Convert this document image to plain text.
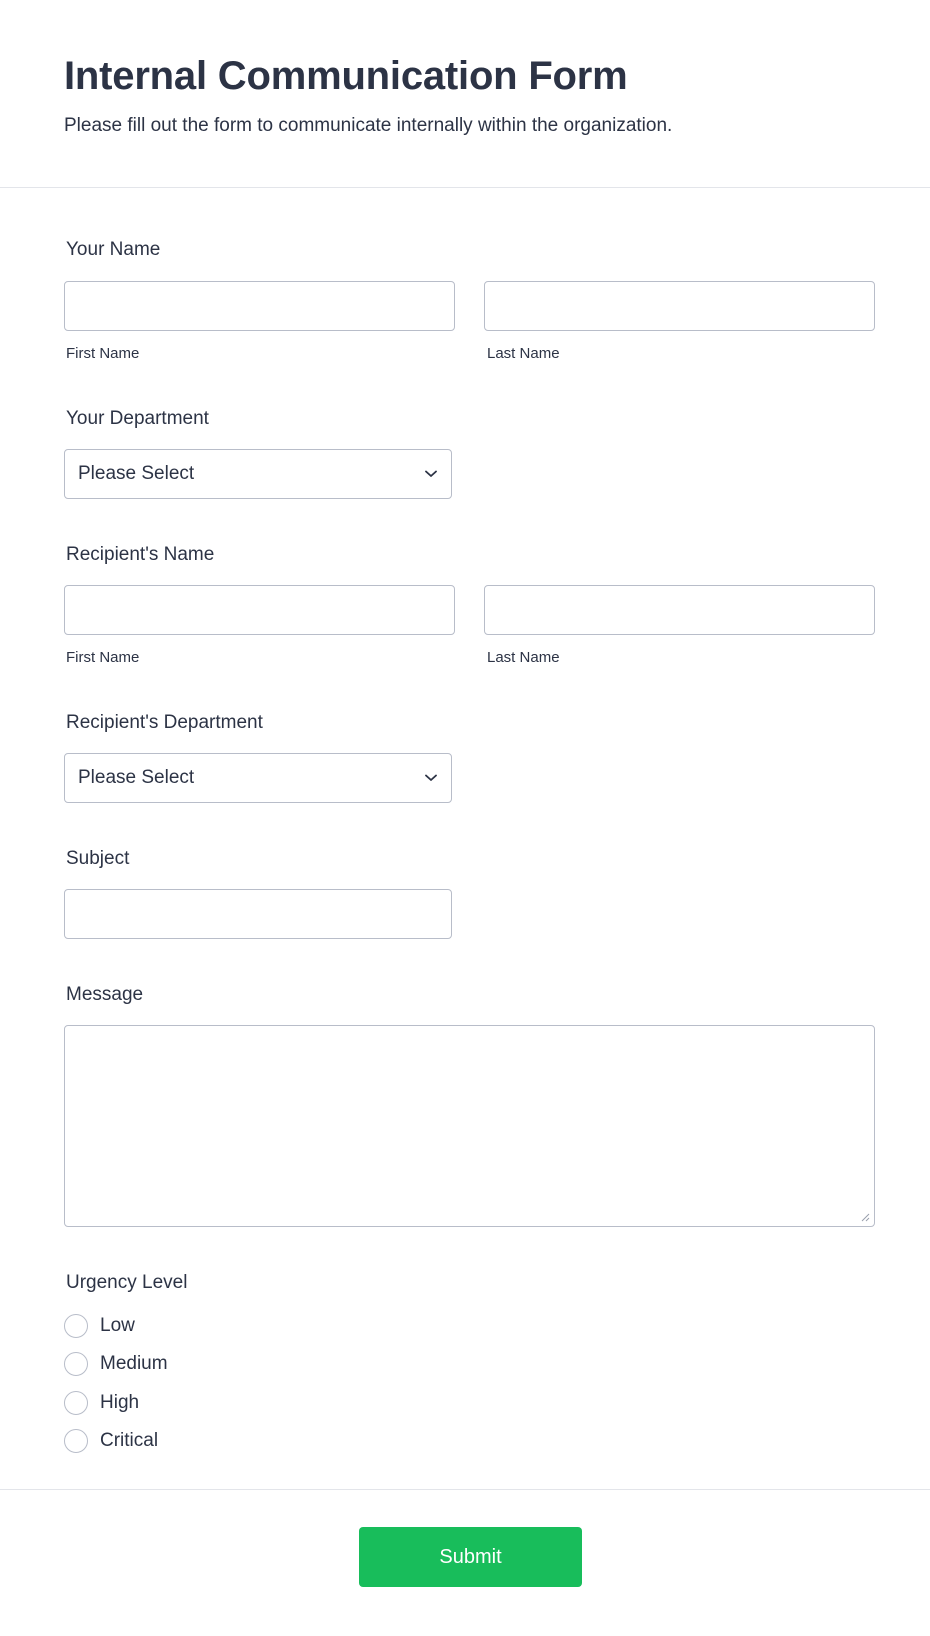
Internal Communication Form

Please fill out the form to communicate internally within the organization.

Your Name
First Name	Last Name
Your Department
Please Select
Recipient's Name
First Name	Last Name
Recipient's Department
Please Select
Subject
Message
Urgency Level
Low
Medium
High
Critical
Submit
